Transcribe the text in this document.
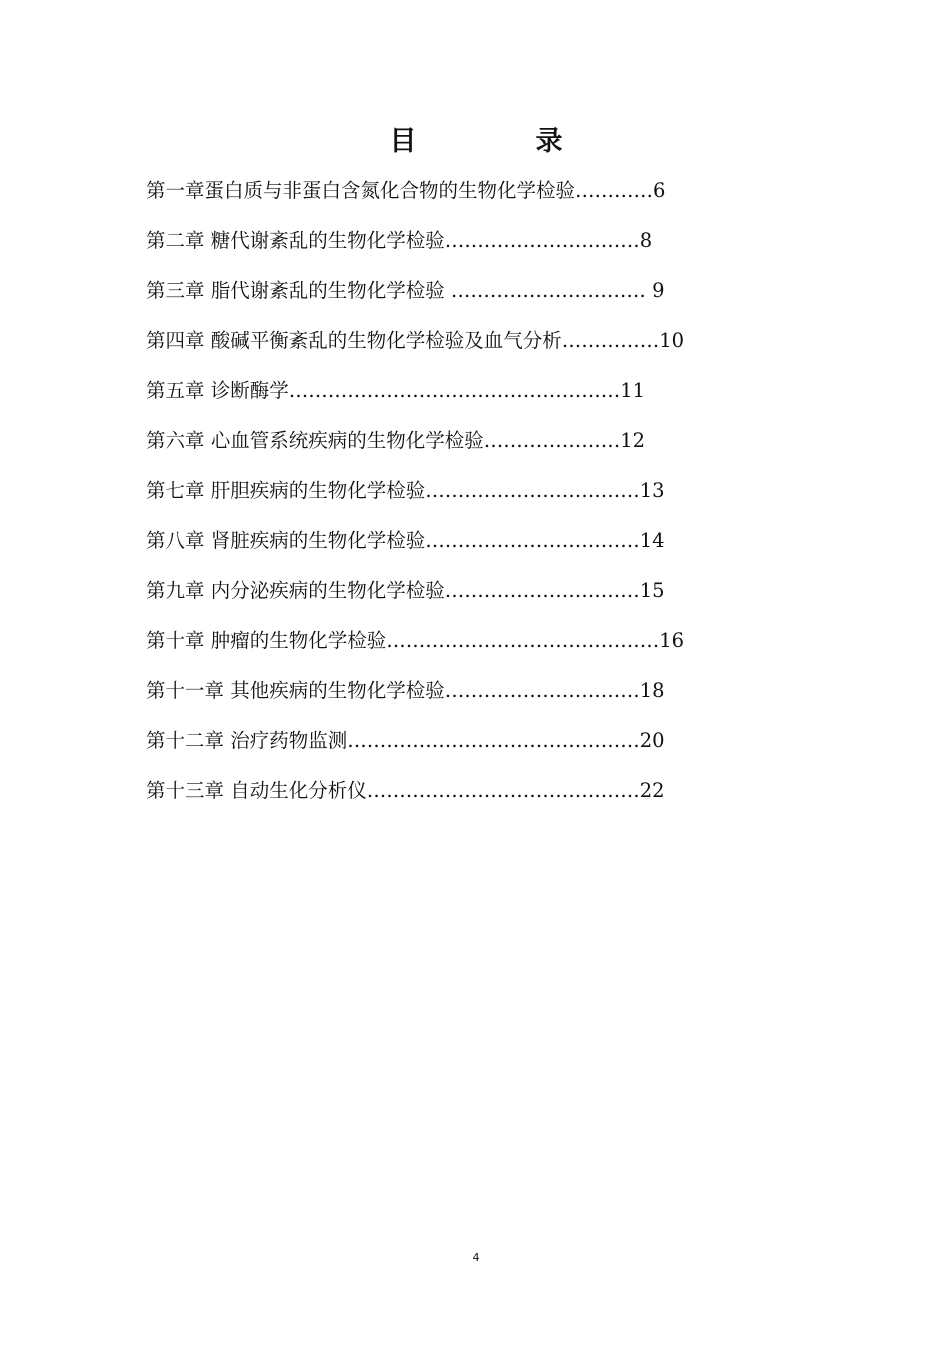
目　录
第一章蛋白质与非蛋白含氮化合物的生物化学检验…………6
第二章 糖代谢紊乱的生物化学检验…………………………8
第三章 脂代谢紊乱的生物化学检验 ………………………… 9
第四章 酸碱平衡紊乱的生物化学检验及血气分析……………10
第五章 诊断酶学……………………………………………11
第六章 心血管系统疾病的生物化学检验…………………12
第七章 肝胆疾病的生物化学检验……………………………13
第八章 肾脏疾病的生物化学检验……………………………14
第九章 内分泌疾病的生物化学检验…………………………15
第十章 肿瘤的生物化学检验……………………………………16
第十一章 其他疾病的生物化学检验…………………………18
第十二章 治疗药物监测………………………………………20
第十三章 自动生化分析仪……………………………………22
4
